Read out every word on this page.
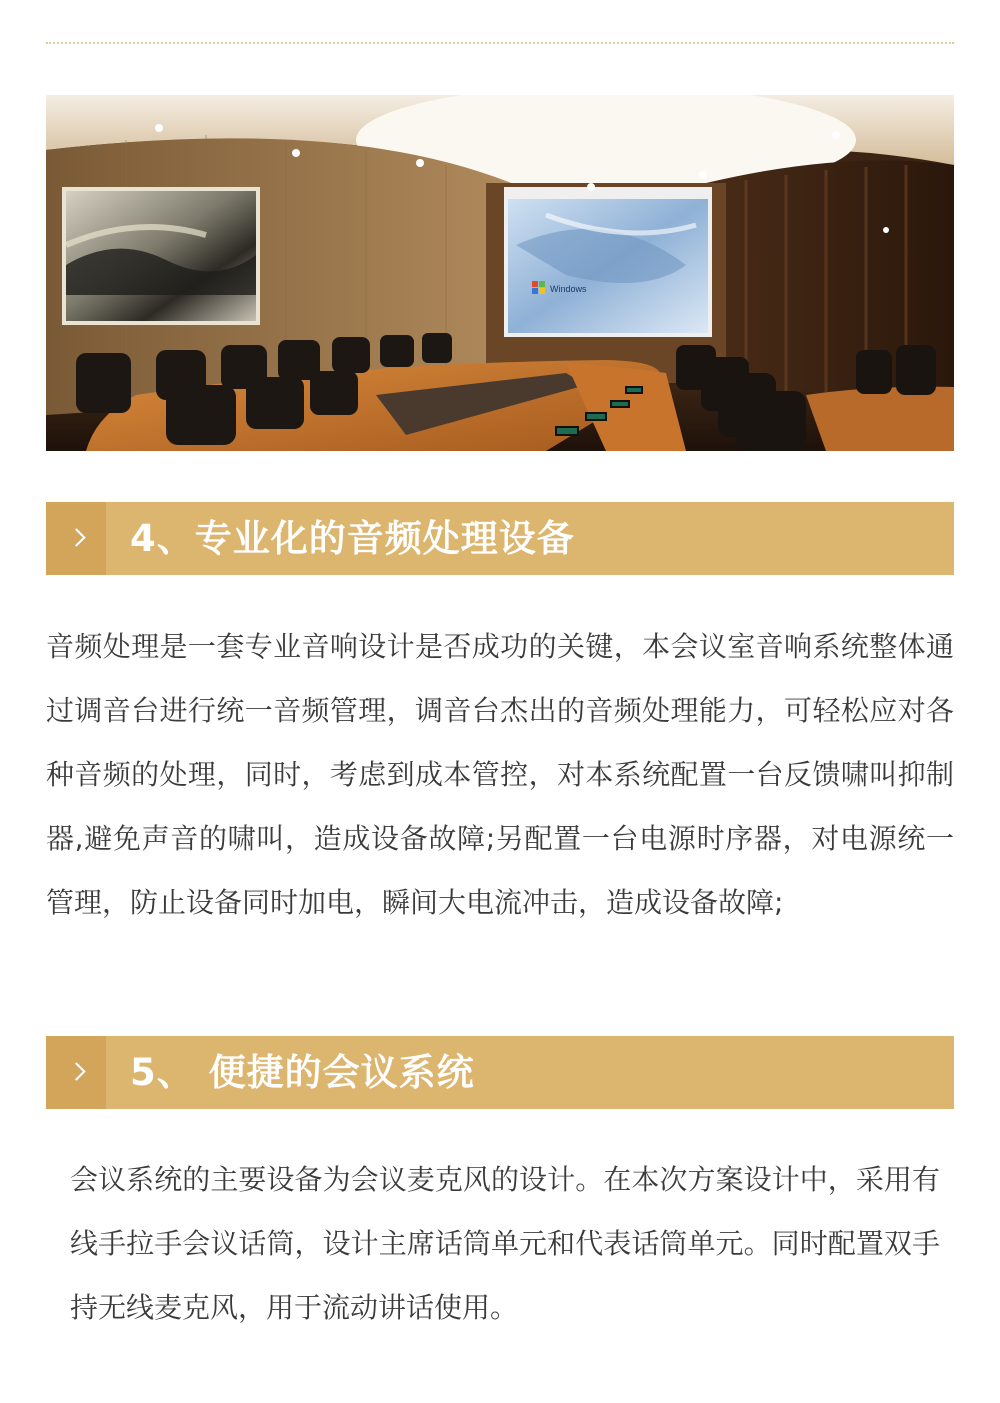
Windows
4、专业化的音频处理设备

音频处理是一套专业音响设计是否成功的关键，本会议室音响系统整体通过调音台进行统一音频管理，调音台杰出的音频处理能力，可轻松应对各种音频的处理，同时，考虑到成本管控，对本系统配置一台反馈啸叫抑制器,避免声音的啸叫，造成设备故障;另配置一台电源时序器，对电源统一管理，防止设备同时加电，瞬间大电流冲击，造成设备故障;

5、 便捷的会议系统

会议系统的主要设备为会议麦克风的设计。在本次方案设计中，采用有线手拉手会议话筒，设计主席话筒单元和代表话筒单元。同时配置双手持无线麦克风，用于流动讲话使用。
